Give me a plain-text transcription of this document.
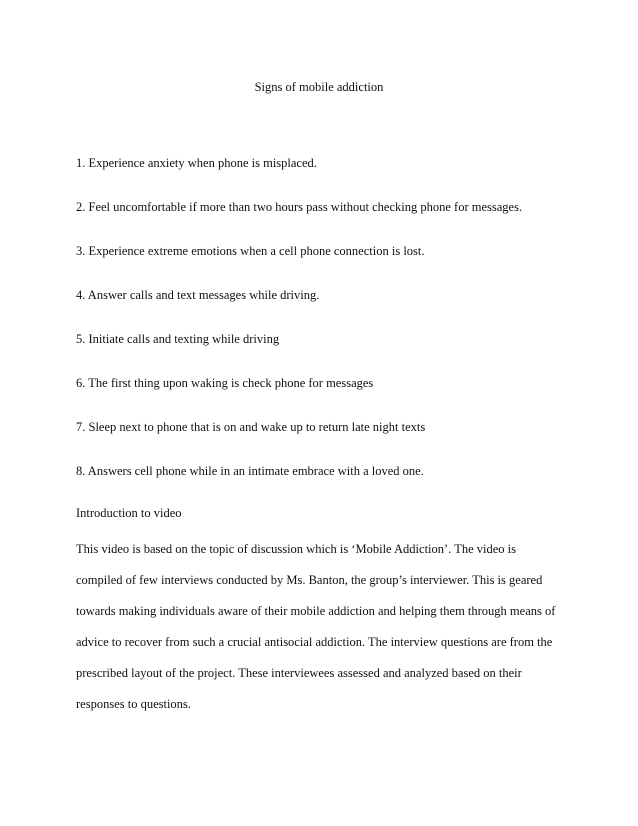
Signs of mobile addiction
1. Experience anxiety when phone is misplaced.
2. Feel uncomfortable if more than two hours pass without checking phone for messages.
3. Experience extreme emotions when a cell phone connection is lost.
4. Answer calls and text messages while driving.
5. Initiate calls and texting while driving
6. The first thing upon waking is check phone for messages
7. Sleep next to phone that is on and wake up to return late night texts
8. Answers cell phone while in an intimate embrace with a loved one.
Introduction to video

This video is based on the topic of discussion which is ‘Mobile Addiction’. The video is
compiled of few interviews conducted by Ms. Banton, the group’s interviewer. This is geared
towards making individuals aware of their mobile addiction and helping them through means of
advice to recover from such a crucial antisocial addiction. The interview questions are from the
prescribed layout of the project. These interviewees assessed and analyzed based on their
responses to questions.
